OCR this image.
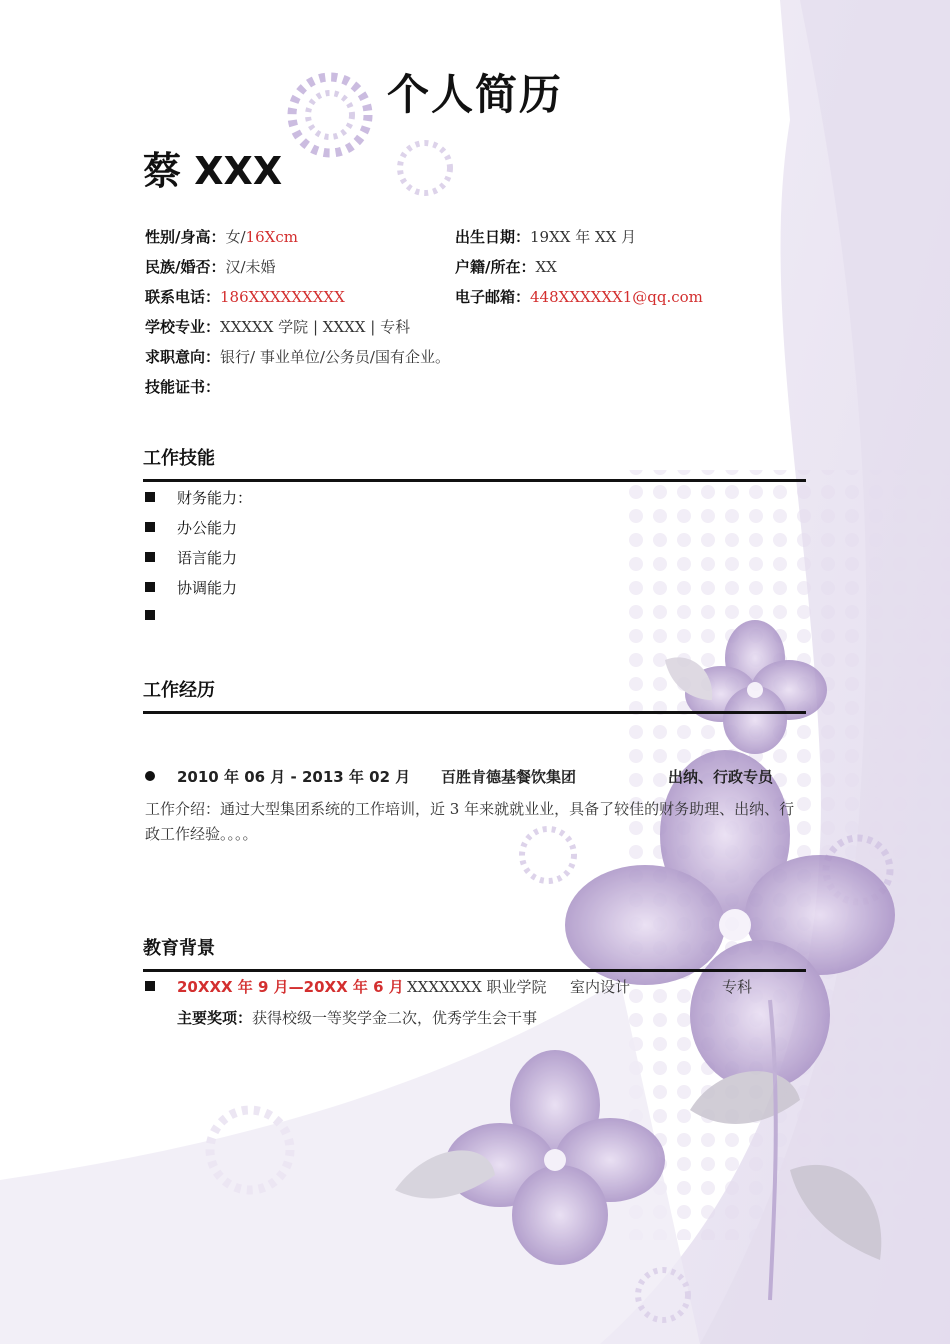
个人简历
蔡 XXX
性别/身高：女/16Xcm	出生日期：19XX 年 XX 月
民族/婚否：汉/未婚	户籍/所在：XX
联系电话：186XXXXXXXXX	电子邮箱：448XXXXXX1@qq.com
学校专业：XXXXX 学院 | XXXX | 专科
求职意向：银行/ 事业单位/公务员/国有企业。
技能证书：
工作技能
财务能力：
办公能力
语言能力
协调能力
工作经历
2010 年 06 月 - 2013 年 02 月 百胜肯德基餐饮集团	出纳、行政专员
工作介绍：通过大型集团系统的工作培训，近 3 年来就就业业，具备了较佳的财务助理、出纳、行政工作经验。。。。
教育背景
20XXX 年 9 月—20XX 年 6 月 XXXXXXX 职业学院 室内设计	专科
主要奖项：获得校级一等奖学金二次，优秀学生会干事
